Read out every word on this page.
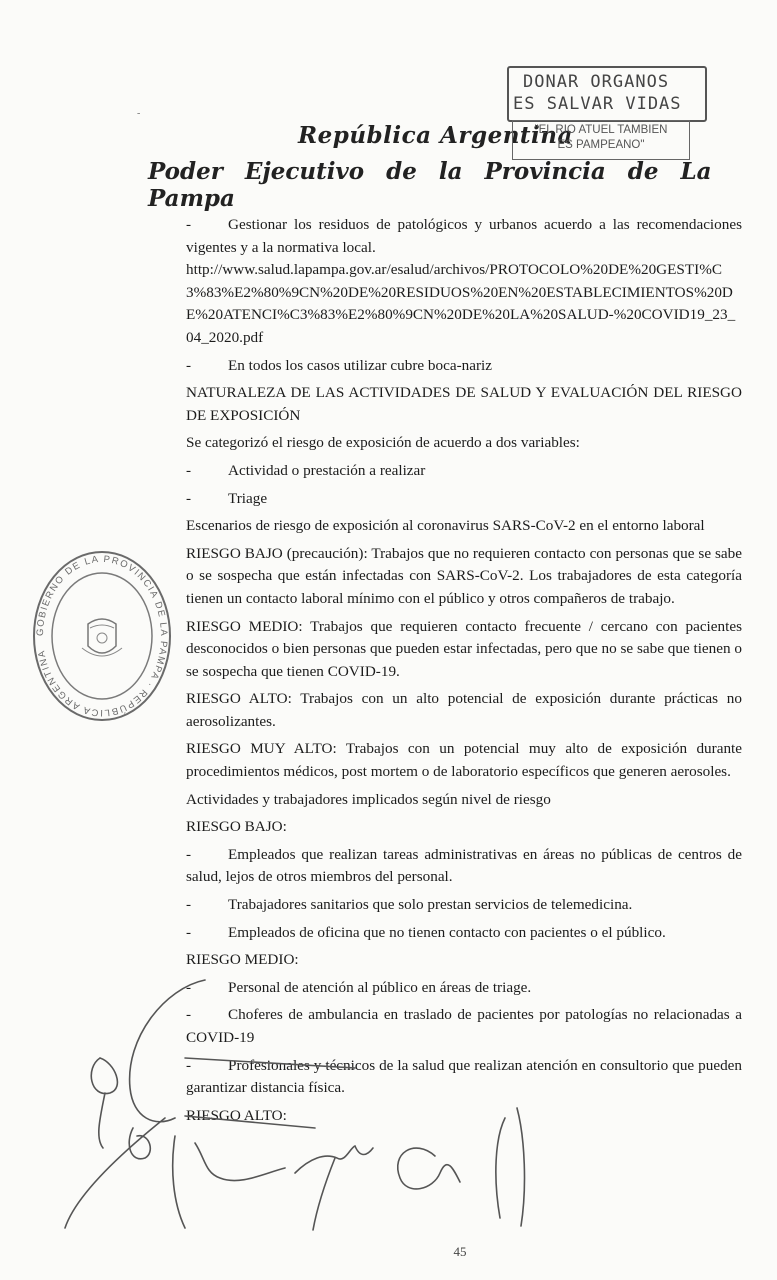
-
República Argentina
Poder Ejecutivo de la Provincia de La Pampa
DONAR ORGANOS
ES SALVAR VIDAS
"EL RIO ATUEL TAMBIEN
ES PAMPEANO"
GOBIERNO DE LA PROVINCIA DE LA PAMPA · REPÚBLICA ARGENTINA

- Gestionar los residuos de patológicos y urbanos acuerdo a las recomendaciones vigentes y a la normativa local.

http://www.salud.lapampa.gov.ar/esalud/archivos/PROTOCOLO%20DE%20GESTI%C3%83%E2%80%9CN%20DE%20RESIDUOS%20EN%20ESTABLECIMIENTOS%20DE%20ATENCI%C3%83%E2%80%9CN%20DE%20LA%20SALUD-%20COVID19_23_04_2020.pdf

- En todos los casos utilizar cubre boca-nariz

NATURALEZA DE LAS ACTIVIDADES DE SALUD Y EVALUACIÓN DEL RIESGO DE EXPOSICIÓN

Se categorizó el riesgo de exposición de acuerdo a dos variables:

- Actividad o prestación a realizar

- Triage

Escenarios de riesgo de exposición al coronavirus SARS-CoV-2 en el entorno laboral

RIESGO BAJO (precaución): Trabajos que no requieren contacto con personas que se sabe o se sospecha que están infectadas con SARS-CoV-2. Los trabajadores de esta categoría tienen un contacto laboral mínimo con el público y otros compañeros de trabajo.

RIESGO MEDIO: Trabajos que requieren contacto frecuente / cercano con pacientes desconocidos o bien personas que pueden estar infectadas, pero que no se sabe que tienen o se sospecha que tienen COVID-19.

RIESGO ALTO: Trabajos con un alto potencial de exposición durante prácticas no aerosolizantes.

RIESGO MUY ALTO: Trabajos con un potencial muy alto de exposición durante procedimientos médicos, post mortem o de laboratorio específicos que generen aerosoles.

Actividades y trabajadores implicados según nivel de riesgo

RIESGO BAJO:

- Empleados que realizan tareas administrativas en áreas no públicas de centros de salud, lejos de otros miembros del personal.

- Trabajadores sanitarios que solo prestan servicios de telemedicina.

- Empleados de oficina que no tienen contacto con pacientes o el público.

RIESGO MEDIO:

- Personal de atención al público en áreas de triage.

- Choferes de ambulancia en traslado de pacientes por patologías no relacionadas a COVID-19

- Profesionales y técnicos de la salud que realizan atención en consultorio que pueden garantizar distancia física.

RIESGO ALTO:

45
